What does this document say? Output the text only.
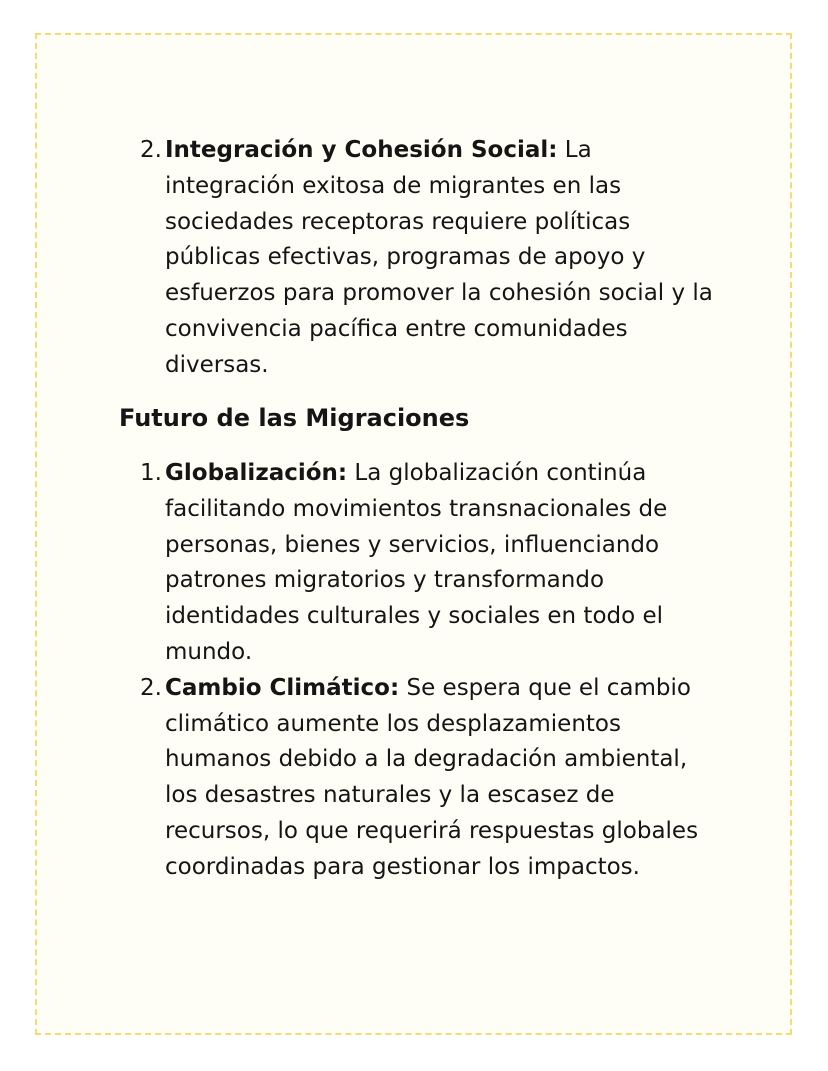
2. Integración y Cohesión Social: La integración exitosa de migrantes en las sociedades receptoras requiere políticas públicas efectivas, programas de apoyo y esfuerzos para promover la cohesión social y la convivencia pacífica entre comunidades diversas.
Futuro de las Migraciones
1. Globalización: La globalización continúa facilitando movimientos transnacionales de personas, bienes y servicios, influenciando patrones migratorios y transformando identidades culturales y sociales en todo el mundo.
2. Cambio Climático: Se espera que el cambio climático aumente los desplazamientos humanos debido a la degradación ambiental, los desastres naturales y la escasez de recursos, lo que requerirá respuestas globales coordinadas para gestionar los impactos.
